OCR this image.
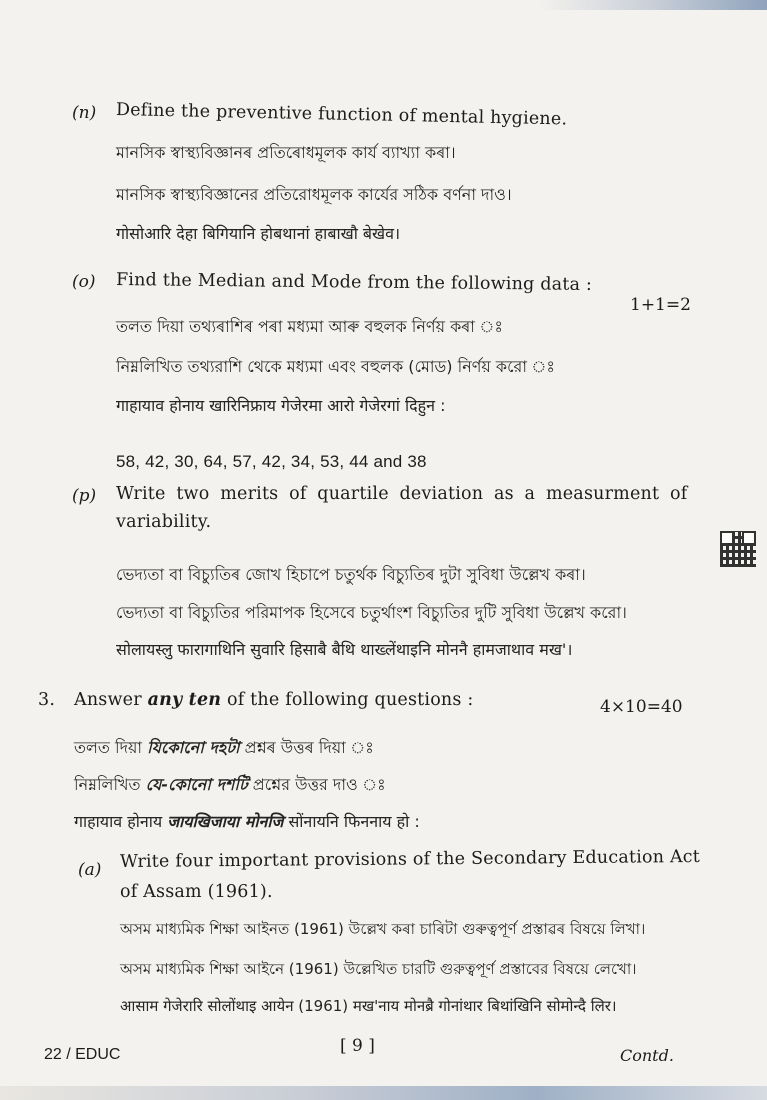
(n) Define the preventive function of mental hygiene.
মানসিক স্বাস্থ্যবিজ্ঞানৰ প্ৰতিৰোধমূলক কাৰ্য ব্যাখ্যা কৰা।
মানসিক স্বাস্থ্যবিজ্ঞানের প্রতিরোধমূলক কার্যের সঠিক বর্ণনা দাও।
गोसोआरि देहा बिगियानि होबथानां हाबाखौ बेखेव।
(o) Find the Median and Mode from the following data :
1+1=2
তলত দিয়া তথ্যৰাশিৰ পৰা মধ্যমা আৰু বহুলক নিৰ্ণয় কৰা ঃ
নিম্নলিখিত তথ্যরাশি থেকে মধ্যমা এবং বহুলক (মোড) নির্ণয় করো ঃ
गाहायाव होनाय खारिनिफ्राय गेजेरमा आरो गेजेरगां दिहुन :
58, 42, 30, 64, 57, 42, 34, 53, 44 and 38
(p) Write two merits of quartile deviation as a measurment of
variability.
ভেদ্যতা বা বিচ্যুতিৰ জোখ হিচাপে চতুৰ্থক বিচ্যুতিৰ দুটা সুবিধা উল্লেখ কৰা।
ভেদ্যতা বা বিচ্যুতির পরিমাপক হিসেবে চতুর্থাংশ বিচ্যুতির দুটি সুবিধা উল্লেখ করো।
सोलायस्लु फारागाथिनि सुवारि हिसाबै बैथि थाख्लेंथाइनि मोननै हामजाथाव मख'।
3. Answer any ten of the following questions :	4×10=40
তলত দিয়া যিকোনো দহটা প্ৰশ্নৰ উত্তৰ দিয়া ঃ
নিম্নলিখিত যে-কোনো দশটি প্রশ্নের উত্তর দাও ঃ
गाहायाव होनाय जायखिजाया मोनजि सोंनायनि फिननाय हो :
(a) Write four important provisions of the Secondary Education Act
of Assam (1961).
অসম মাধ্যমিক শিক্ষা আইনত (1961) উল্লেখ কৰা চাৰিটা গুৰুত্বপূৰ্ণ প্ৰস্তাৱৰ বিষয়ে লিখা।
অসম মাধ্যমিক শিক্ষা আইনে (1961) উল্লেখিত চারটি গুরুত্বপূর্ণ প্রস্তাবের বিষয়ে লেখো।
आसाम गेजेरारि सोलोंथाइ आयेन (1961) मख'नाय मोनब्रै गोनांथार बिथांखिनि सोमोन्दै लिर।
22 / EDUC	[ 9 ]	Contd.
